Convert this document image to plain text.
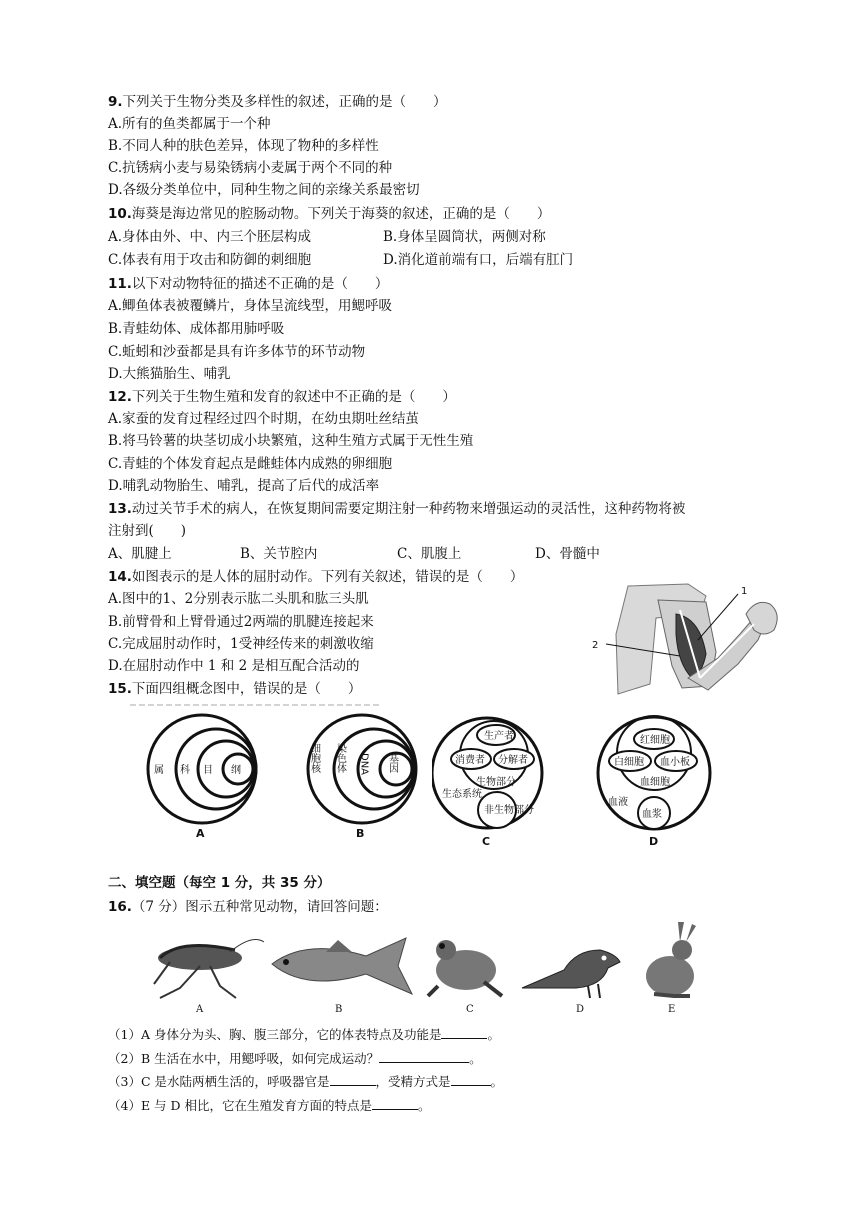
9.下列关于生物分类及多样性的叙述，正确的是（　　）
A.所有的鱼类都属于一个种
B.不同人种的肤色差异，体现了物种的多样性
C.抗锈病小麦与易染锈病小麦属于两个不同的种
D.各级分类单位中，同种生物之间的亲缘关系最密切
10.海葵是海边常见的腔肠动物。下列关于海葵的叙述，正确的是（　　）
A.身体由外、中、内三个胚层构成	B.身体呈圆筒状，两侧对称
C.体表有用于攻击和防御的刺细胞	D.消化道前端有口，后端有肛门
11.以下对动物特征的描述不正确的是（　　）
A.鲫鱼体表被覆鳞片，身体呈流线型，用鳃呼吸
B.青蛙幼体、成体都用肺呼吸
C.蚯蚓和沙蚕都是具有许多体节的环节动物
D.大熊猫胎生、哺乳
12.下列关于生物生殖和发育的叙述中不正确的是（　　）
A.家蚕的发育过程经过四个时期，在幼虫期吐丝结茧
B.将马铃薯的块茎切成小块繁殖，这种生殖方式属于无性生殖
C.青蛙的个体发育起点是雌蛙体内成熟的卵细胞
D.哺乳动物胎生、哺乳，提高了后代的成活率
13.动过关节手术的病人，在恢复期间需要定期注射一种药物来增强运动的灵活性，这种药物将被
注射到(　　)
A、肌腱上	B、关节腔内	C、肌腹上	D、骨髓中
14.如图表示的是人体的屈肘动作。下列有关叙述，错误的是（　　）
A.图中的1、2分别表示肱二头肌和肱三头肌
B.前臂骨和上臂骨通过2两端的肌腱连接起来
C.完成屈肘动作时，1受神经传来的刺激收缩
D.在屈肘动作中 1 和 2 是相互配合活动的
1
2
15.下面四组概念图中，错误的是（　　）
属 科 目 纲
A
细胞核 染色体 DNA 基因
B
生产者
消费者 分解者
生物部分
生态系统
非生物部分
C
红细胞
白细胞 血小板
血细胞
血液
血浆
D
二、填空题（每空 1 分，共 35 分）
16.（7 分）图示五种常见动物，请回答问题：
A	B	C	D	E
（1）A 身体分为头、胸、腹三部分，它的体表特点及功能是	。
（2）B 生活在水中，用鳃呼吸，如何完成运动？	。
（3）C 是水陆两栖生活的，呼吸器官是	，受精方式是	。
（4）E 与 D 相比，它在生殖发育方面的特点是	。
